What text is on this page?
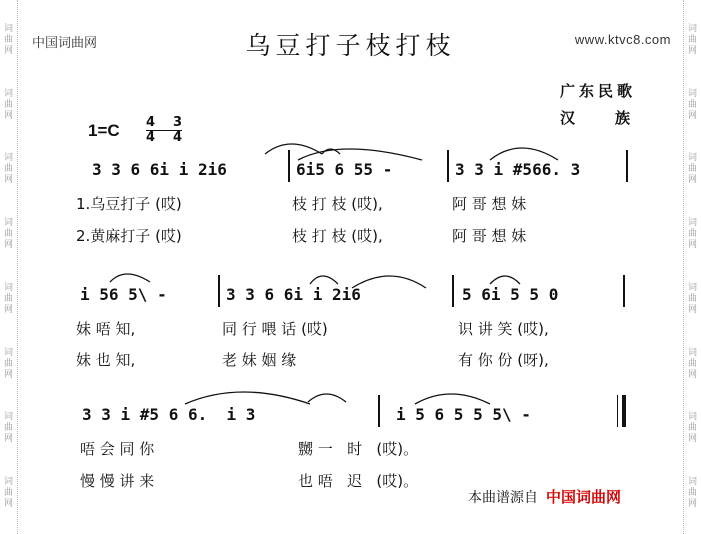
词
曲
网
词
曲
网
词
曲
网
词
曲
网
词
曲
网
词
曲
网
词
曲
网
词
曲
网
词
曲
网
词
曲
网
词
曲
网
词
曲
网
词
曲
网
词
曲
网
词
曲
网
词
曲
网
中国词曲网	乌豆打子枝打枝	www.ktvc8.com
广东民歌
汉	族
1=C 4 3
4 4
3 3 6 6i i 2i6	6i5 6 55 -	3 3 i #566. 3
1.乌豆打子 (哎)	枝 打 枝 (哎),	阿 哥 想 妹
2.黄麻打子 (哎)	枝 打 枝 (哎),	阿 哥 想 妹
i 56 5\ -	3 3 6 6i i 2i6	5 6i 5 5 0
妹 唔 知,	同 行 喂 话 (哎)	识 讲 笑 (哎),
妹 也 知,	老 妹 姻 缘	有 你 份 (呀),
3 3 i #5 6 6.  i 3	i 5 6 5 5 5\ -
唔 会 同 你	嬲 一   时   (哎)。
慢 慢 讲 来	也 唔   迟   (哎)。
本曲谱源自 中国词曲网
